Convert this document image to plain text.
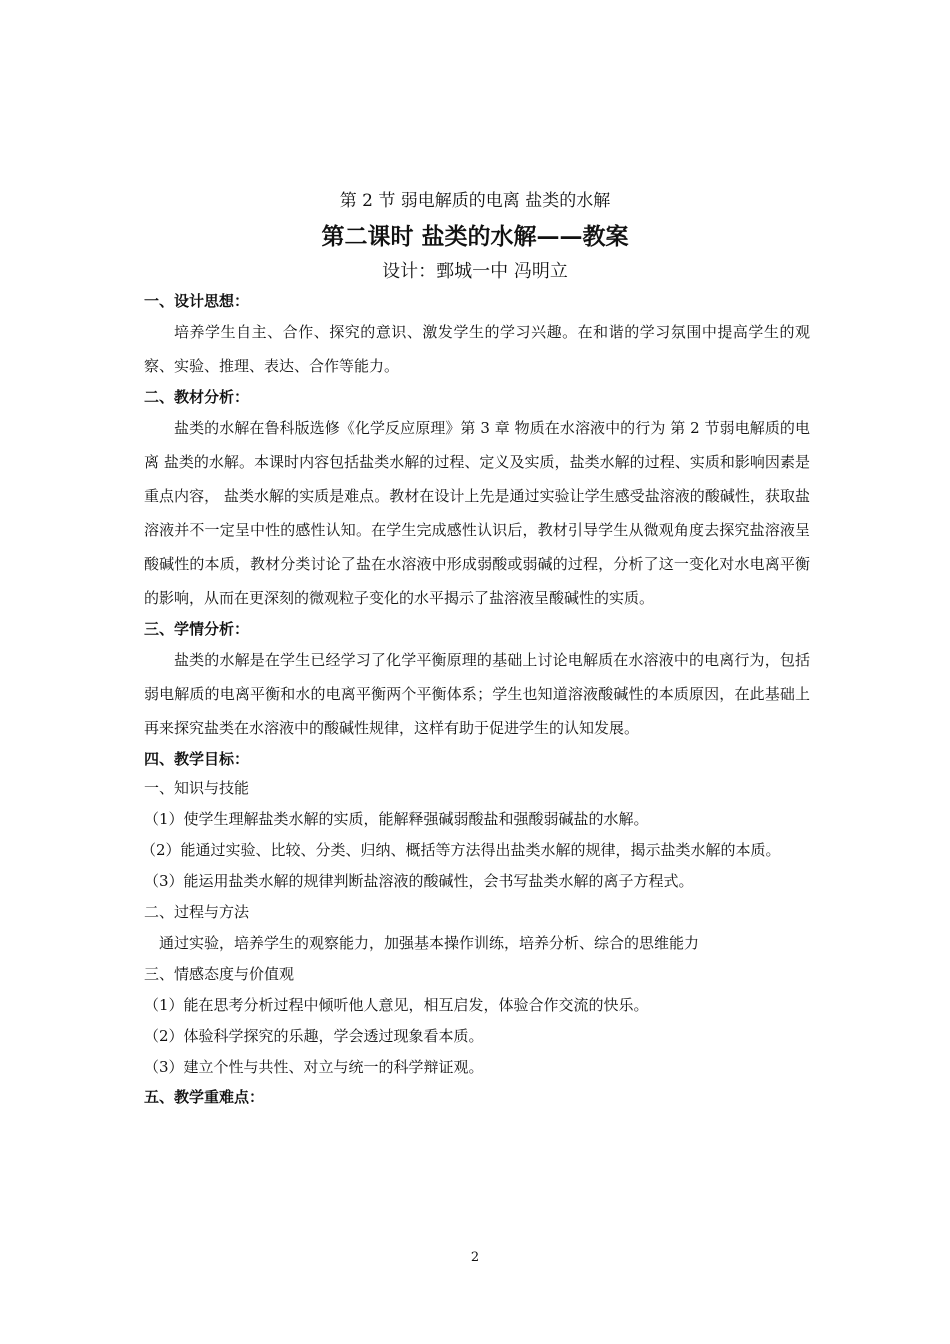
第 2 节 弱电解质的电离 盐类的水解
第二课时 盐类的水解——教案
设计：鄄城一中 冯明立

一、设计思想：

培养学生自主、合作、探究的意识、激发学生的学习兴趣。在和谐的学习氛围中提高学生的观察、实验、推理、表达、合作等能力。

二、教材分析：

盐类的水解在鲁科版选修《化学反应原理》第 3 章 物质在水溶液中的行为 第 2 节弱电解质的电离 盐类的水解。本课时内容包括盐类水解的过程、定义及实质，盐类水解的过程、实质和影响因素是重点内容， 盐类水解的实质是难点。教材在设计上先是通过实验让学生感受盐溶液的酸碱性，获取盐溶液并不一定呈中性的感性认知。在学生完成感性认识后，教材引导学生从微观角度去探究盐溶液呈酸碱性的本质，教材分类讨论了盐在水溶液中形成弱酸或弱碱的过程，分析了这一变化对水电离平衡的影响，从而在更深刻的微观粒子变化的水平揭示了盐溶液呈酸碱性的实质。

三、学情分析：

盐类的水解是在学生已经学习了化学平衡原理的基础上讨论电解质在水溶液中的电离行为，包括弱电解质的电离平衡和水的电离平衡两个平衡体系；学生也知道溶液酸碱性的本质原因，在此基础上再来探究盐类在水溶液中的酸碱性规律，这样有助于促进学生的认知发展。

四、教学目标：

一、知识与技能

（1）使学生理解盐类水解的实质，能解释强碱弱酸盐和强酸弱碱盐的水解。

（2）能通过实验、比较、分类、归纳、概括等方法得出盐类水解的规律，揭示盐类水解的本质。

（3）能运用盐类水解的规律判断盐溶液的酸碱性，会书写盐类水解的离子方程式。

二、过程与方法

通过实验，培养学生的观察能力，加强基本操作训练，培养分析、综合的思维能力

三、情感态度与价值观

（1）能在思考分析过程中倾听他人意见，相互启发，体验合作交流的快乐。

（2）体验科学探究的乐趣，学会透过现象看本质。

（3）建立个性与共性、对立与统一的科学辩证观。

五、教学重难点：

2
